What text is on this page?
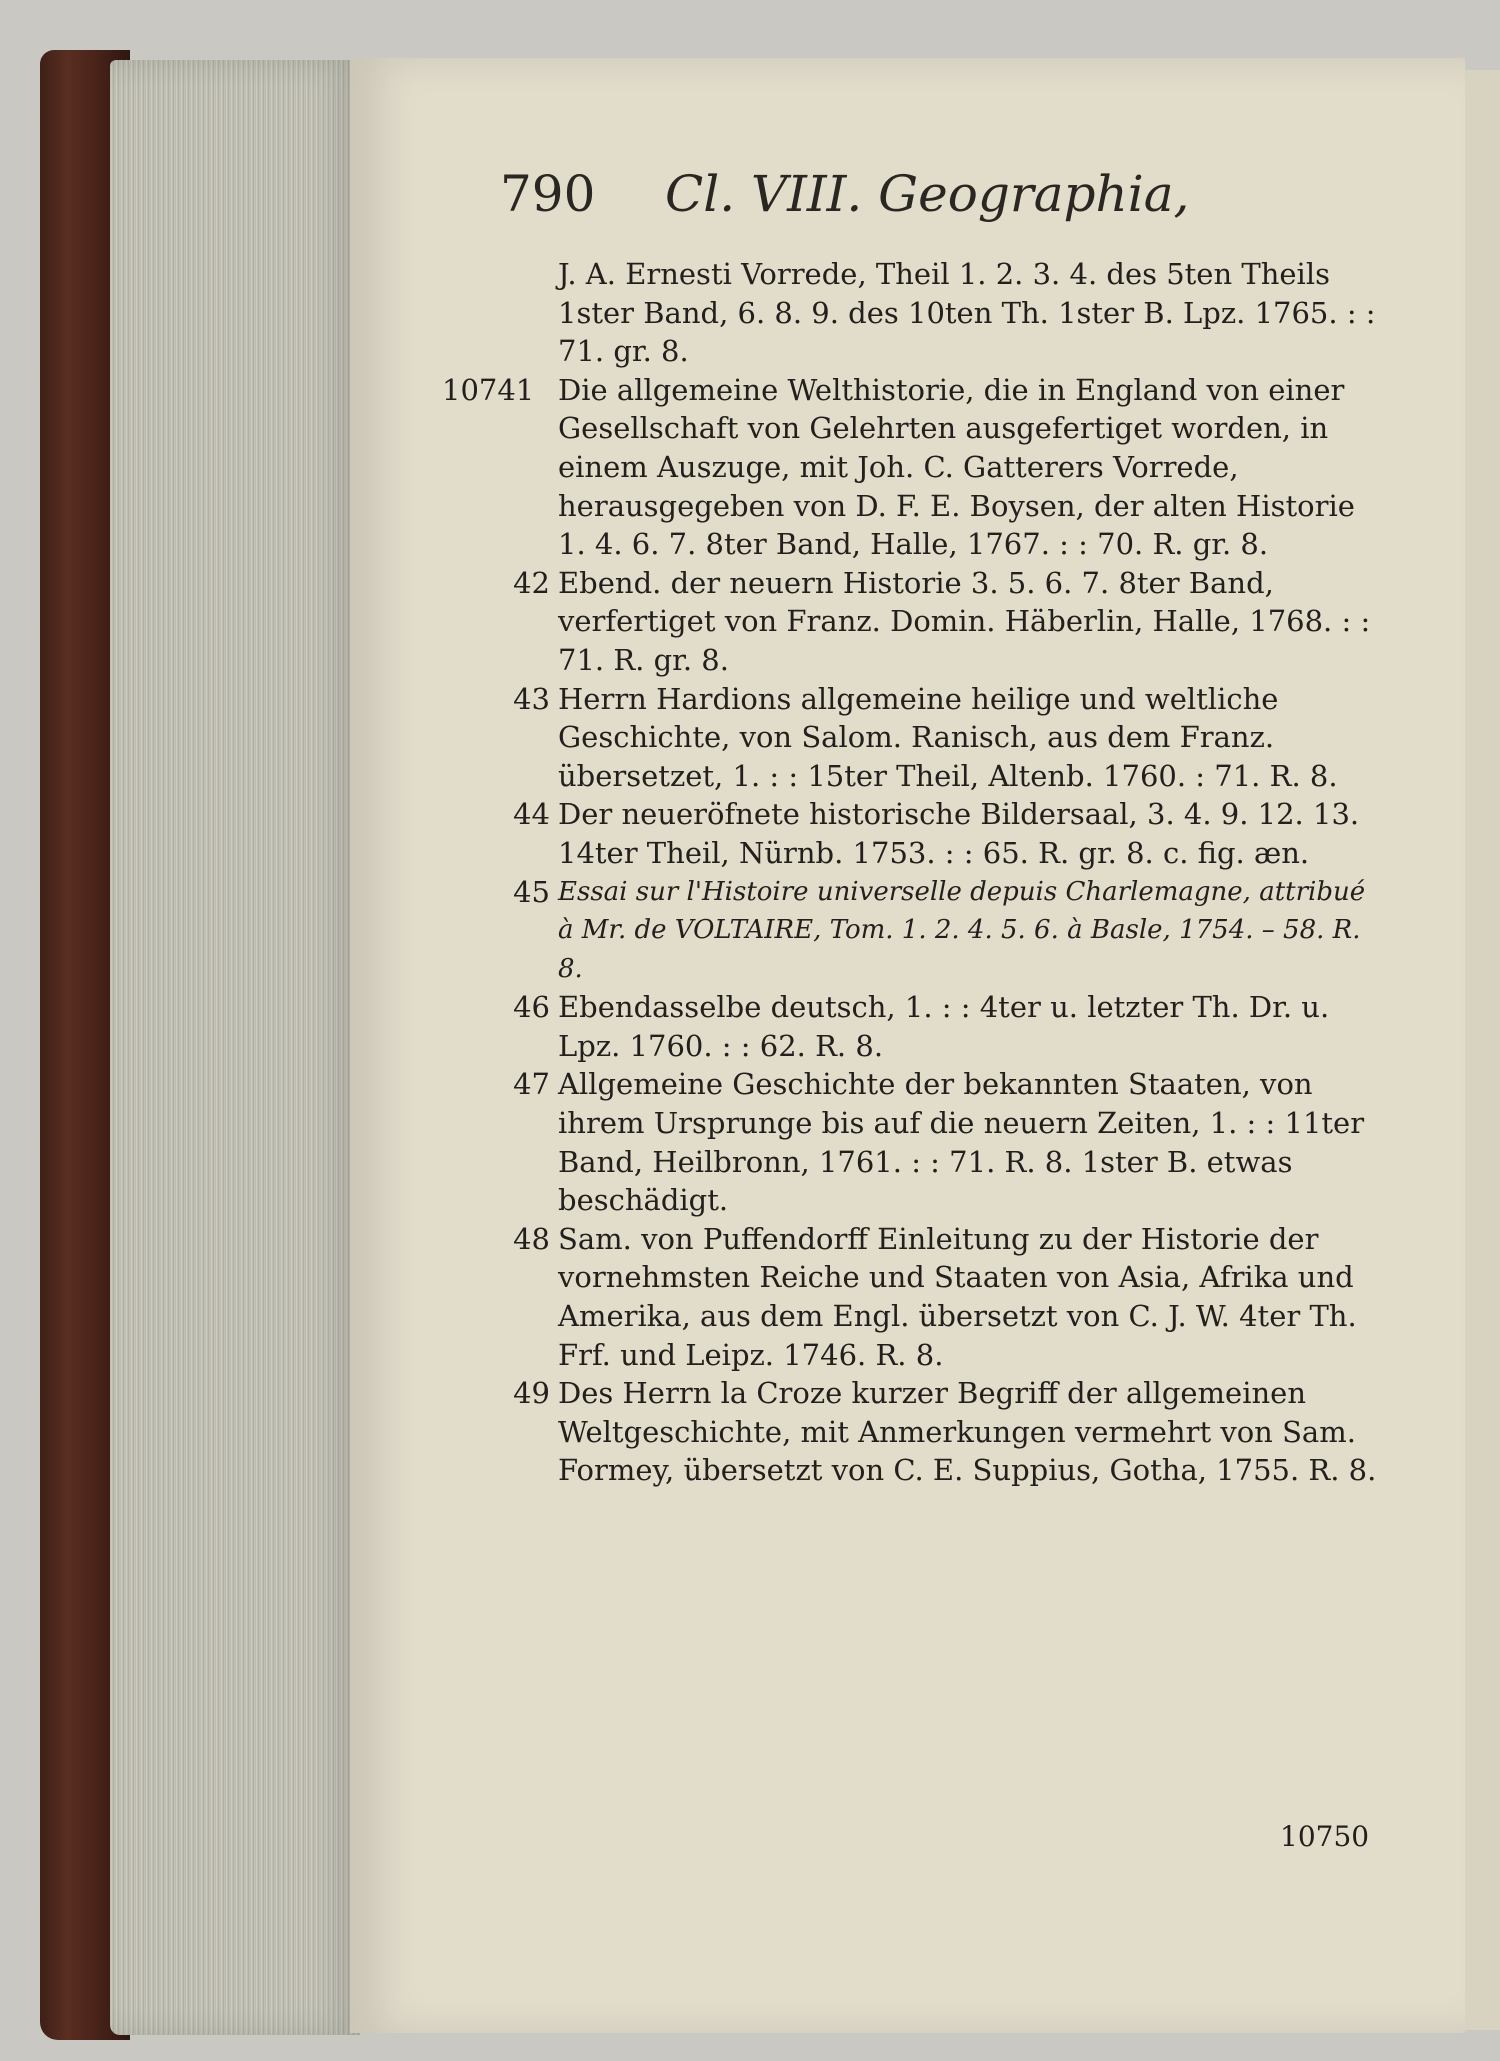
790 Cl. VIII. Geographia,
J. A. Ernesti Vorrede, Theil 1. 2. 3. 4. des 5ten Theils 1ster Band, 6. 8. 9. des 10ten Th. 1ster B. Lpz. 1765. : : 71. gr. 8.
10741 Die allgemeine Welthistorie, die in England von einer Gesellschaft von Gelehrten ausgefertiget worden, in einem Auszuge, mit Joh. C. Gatterers Vorrede, herausgegeben von D. F. E. Boysen, der alten Historie 1. 4. 6. 7. 8ter Band, Halle, 1767. : : 70. R. gr. 8.
42 Ebend. der neuern Historie 3. 5. 6. 7. 8ter Band, verfertiget von Franz. Domin. Häberlin, Halle, 1768. : : 71. R. gr. 8.
43 Herrn Hardions allgemeine heilige und weltliche Geschichte, von Salom. Ranisch, aus dem Franz. übersetzet, 1. : : 15ter Theil, Altenb. 1760. : 71. R. 8.
44 Der neueröfnete historische Bildersaal, 3. 4. 9. 12. 13. 14ter Theil, Nürnb. 1753. : : 65. R. gr. 8. c. fig. æn.
45 Essai sur l'Histoire universelle depuis Charlemagne, attribué à Mr. de VOLTAIRE, Tom. 1. 2. 4. 5. 6. à Basle, 1754. – 58. R. 8.
46 Ebendasselbe deutsch, 1. : : 4ter u. letzter Th. Dr. u. Lpz. 1760. : : 62. R. 8.
47 Allgemeine Geschichte der bekannten Staaten, von ihrem Ursprunge bis auf die neuern Zeiten, 1. : : 11ter Band, Heilbronn, 1761. : : 71. R. 8. 1ster B. etwas beschädigt.
48 Sam. von Puffendorff Einleitung zu der Historie der vornehmsten Reiche und Staaten von Asia, Afrika und Amerika, aus dem Engl. übersetzt von C. J. W. 4ter Th. Frf. und Leipz. 1746. R. 8.
49 Des Herrn la Croze kurzer Begriff der allgemeinen Weltgeschichte, mit Anmerkungen vermehrt von Sam. Formey, übersetzt von C. E. Suppius, Gotha, 1755. R. 8.
10750
